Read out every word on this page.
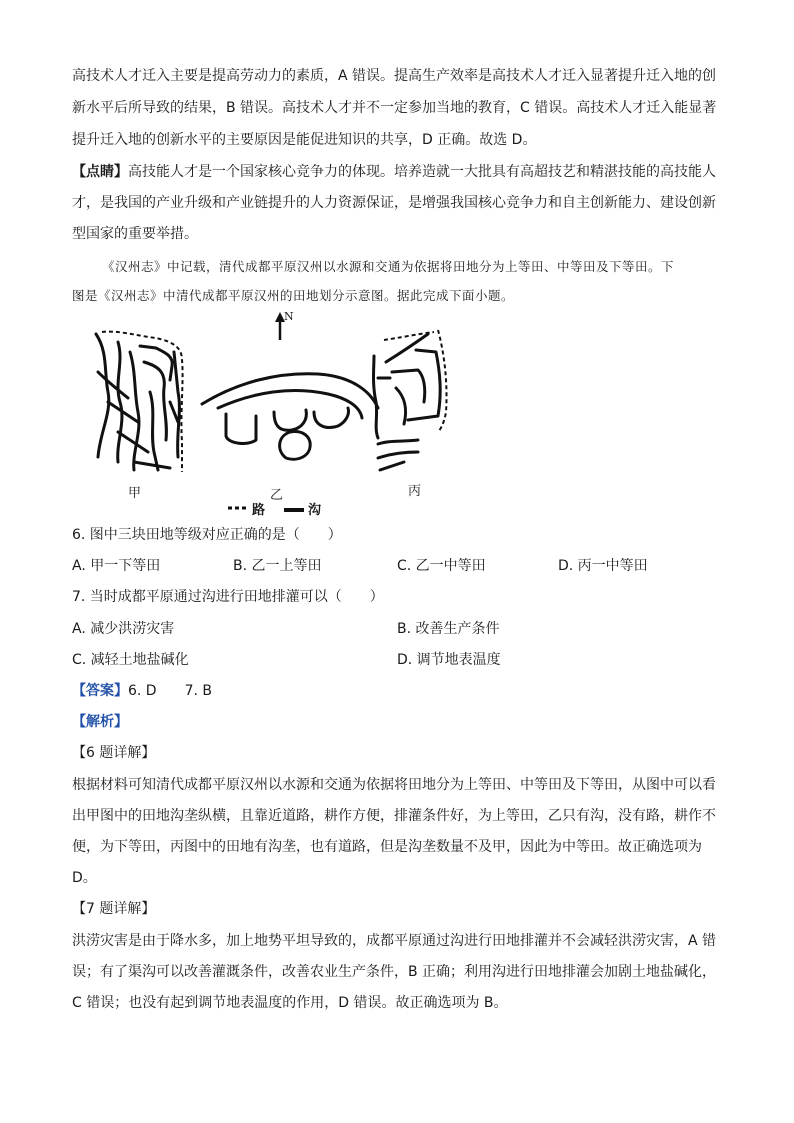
高技术人才迁入主要是提高劳动力的素质，A 错误。提高生产效率是高技术人才迁入显著提升迁入地的创
新水平后所导致的结果，B 错误。高技术人才并不一定参加当地的教育，C 错误。高技术人才迁入能显著
提升迁入地的创新水平的主要原因是能促进知识的共享，D 正确。故选 D。
【点睛】高技能人才是一个国家核心竞争力的体现。培养造就一大批具有高超技艺和精湛技能的高技能人
才，是我国的产业升级和产业链提升的人力资源保证，是增强我国核心竞争力和自主创新能力、建设创新
型国家的重要举措。
《汉州志》中记载，清代成都平原汉州以水源和交通为依据将田地分为上等田、中等田及下等田。下
图是《汉州志》中清代成都平原汉州的田地划分示意图。据此完成下面小题。
N
甲	乙	丙
路	沟
6. 图中三块田地等级对应正确的是（　　）
A. 甲一下等田	B. 乙一上等田	C. 乙一中等田	D. 丙一中等田
7. 当时成都平原通过沟进行田地排灌可以（　　）
A. 减少洪涝灾害	B. 改善生产条件
C. 减轻土地盐碱化	D. 调节地表温度
【答案】6. D　　7. B
【解析】
【6 题详解】
根据材料可知清代成都平原汉州以水源和交通为依据将田地分为上等田、中等田及下等田，从图中可以看
出甲图中的田地沟垄纵横，且靠近道路，耕作方便，排灌条件好，为上等田，乙只有沟，没有路，耕作不
便，为下等田，丙图中的田地有沟垄，也有道路，但是沟垄数量不及甲，因此为中等田。故正确选项为
D。
【7 题详解】
洪涝灾害是由于降水多，加上地势平坦导致的，成都平原通过沟进行田地排灌并不会减轻洪涝灾害，A 错
误；有了渠沟可以改善灌溉条件，改善农业生产条件，B 正确；利用沟进行田地排灌会加剧土地盐碱化，
C 错误；也没有起到调节地表温度的作用，D 错误。故正确选项为 B。
